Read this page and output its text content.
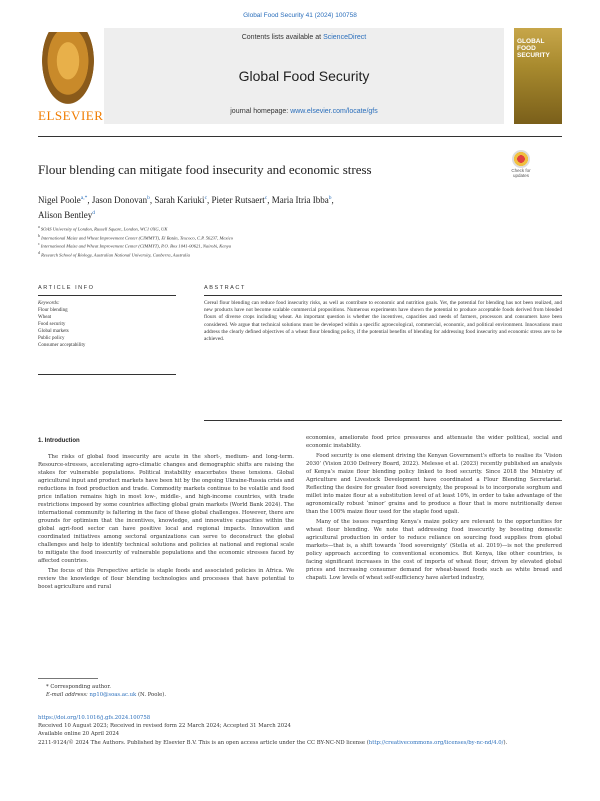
Global Food Security 41 (2024) 100758
ELSEVIER
Contents lists available at ScienceDirect
Global Food Security
journal homepage: www.elsevier.com/locate/gfs
GLOBAL FOOD SECURITY
Flour blending can mitigate food insecurity and economic stress	Check for updates
Nigel Poole$^{a,*}$, Jason Donovan$^b$, Sarah Kariuki$^c$, Pieter Rutsaert$^c$, Maria Itria Ibba$^b$,
Alison Bentley$^d$
$^a$ SOAS University of London, Russell Square, London, WC1 0XG, UK
$^b$ International Maize and Wheat Improvement Center (CIMMYT), El Batán, Texcoco, C.P. 56237, Mexico
$^c$ International Maize and Wheat Improvement Center (CIMMYT), P.O. Box 1041-00621, Nairobi, Kenya
$^d$ Research School of Biology, Australian National University, Canberra, Australia
ARTICLE INFO	ABSTRACT
Keywords:
Flour blending
Wheat
Food security
Global markets
Public policy
Consumer acceptability
Cereal flour blending can reduce food insecurity risks, as well as contribute to economic and nutrition goals. Yet, the potential for blending has not been realized, and new products have not become scalable commercial propositions. Numerous experiments have shown the potential to produce acceptable foods derived from blended flours of diverse crops including wheat. An important question is whether the incentives, capacities and needs of farmers, processors and consumers have been considered. We argue that technical solutions must be developed within a specific agroecological, commercial, economic, and political environment. Innovations must address the clearly defined objectives of a wheat flour blending policy, if the potential benefits of blending for addressing food insecurity and economic stress are to be achieved.
1. Introduction

The risks of global food insecurity are acute in the short-, medium- and long-term. Resource-stresses, accelerating agro-climatic changes and demographic shifts are raising the stakes for vulnerable populations. Political instability exacerbates these tensions. Global agricultural input and product markets have been hit by the ongoing Ukraine-Russia crisis and reductions in food production and trade. Commodity markets continue to be volatile and food price inflation remains high in most low-, middle-, and high-income countries, with trade restrictions imposed by some countries affecting global grain markets (World Bank 2024). The international community is faltering in the face of these global challenges. However, there are grounds for optimism that the incentives, knowledge, and innovative capacities within the global agri-food sector can have positive local and regional impacts. Innovation and coordinated initiatives among sectoral organizations can serve to deconstruct the global challenges and help to identify technical solutions and policies at national and regional scale to mitigate the food insecurity of vulnerable populations and the economic stresses faced by affected countries.

The focus of this Perspective article is staple foods and associated policies in Africa. We review the knowledge of flour blending technologies and processes that have potential to boost agriculture and rural

economies, ameliorate food price pressures and attenuate the wider political, social and economic instability.

Food security is one element driving the Kenyan Government’s efforts to realise its ‘Vision 2030’ (Vision 2030 Delivery Board, 2022). Melesse et al. (2023) recently published an analysis of Kenya’s maize flour blending policy linked to food security. Since 2018 the Ministry of Agriculture and Livestock Development have coordinated a Flour Blending Secretariat. Reflecting the desire for greater food sovereignty, the proposal is to incorporate sorghum and millet into maize flour at a substitution level of at least 10%, in order to take advantage of the agronomically robust ‘minor’ grains and to produce a flour that is more nutritionally dense than the 100% maize flour used for the staple food ugali.

Many of the issues regarding Kenya’s maize policy are relevant to the opportunities for wheat flour blending. We note that addressing food insecurity by boosting domestic agricultural production in order to reduce reliance on sourcing food supplies from global markets—that is, a shift towards ‘food sovereignty’ (Stella et al. 2019)—is not the preferred policy approach according to conventional economics. But Kenya, like other countries, is facing significant increases in the cost of imports of wheat flour, driven by elevated global prices and increasing consumer demand for wheat-based foods such as white bread and chapati. Low levels of wheat self-sufficiency have alerted industry,

* Corresponding author.
E-mail address: np10@soas.ac.uk (N. Poole).
https://doi.org/10.1016/j.gfs.2024.100758
Received 10 August 2023; Received in revised form 22 March 2024; Accepted 31 March 2024
Available online 20 April 2024
2211-9124/© 2024 The Authors. Published by Elsevier B.V. This is an open access article under the CC BY-NC-ND license (http://creativecommons.org/licenses/by-nc-nd/4.0/).
